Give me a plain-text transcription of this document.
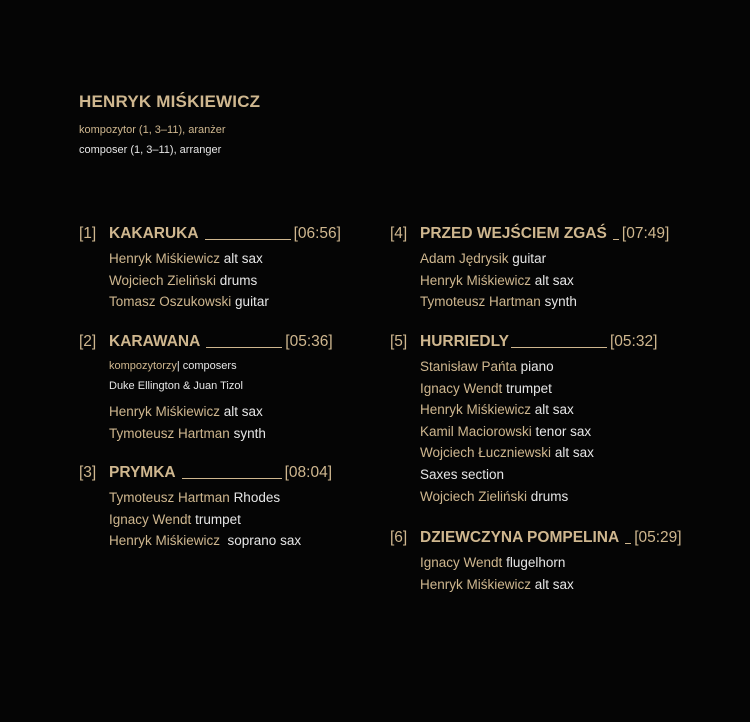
HENRYK MIŚKIEWICZ
kompozytor (1, 3–11), aranżer
composer (1, 3–11), arranger
[1] KAKARUKA	[06:56]
Henryk Miśkiewicz alt sax
Wojciech Zieliński drums
Tomasz Oszukowski guitar
[2] KARAWANA	[05:36]
kompozytorzy| composers
Duke Ellington & Juan Tizol
Henryk Miśkiewicz alt sax
Tymoteusz Hartman synth
[3] PRYMKA	[08:04]
Tymoteusz Hartman Rhodes
Ignacy Wendt trumpet
Henryk Miśkiewicz soprano sax
[4] PRZED WEJŚCIEM ZGAŚ [07:49]
Adam Jędrysik guitar
Henryk Miśkiewicz alt sax
Tymoteusz Hartman synth
[5] HURRIEDLY	[05:32]
Stanisław Pańta piano
Ignacy Wendt trumpet
Henryk Miśkiewicz alt sax
Kamil Maciorowski tenor sax
Wojciech Łuczniewski alt sax
Saxes section
Wojciech Zieliński drums
[6] DZIEWCZYNA POMPELINA [05:29]
Ignacy Wendt flugelhorn
Henryk Miśkiewicz alt sax
